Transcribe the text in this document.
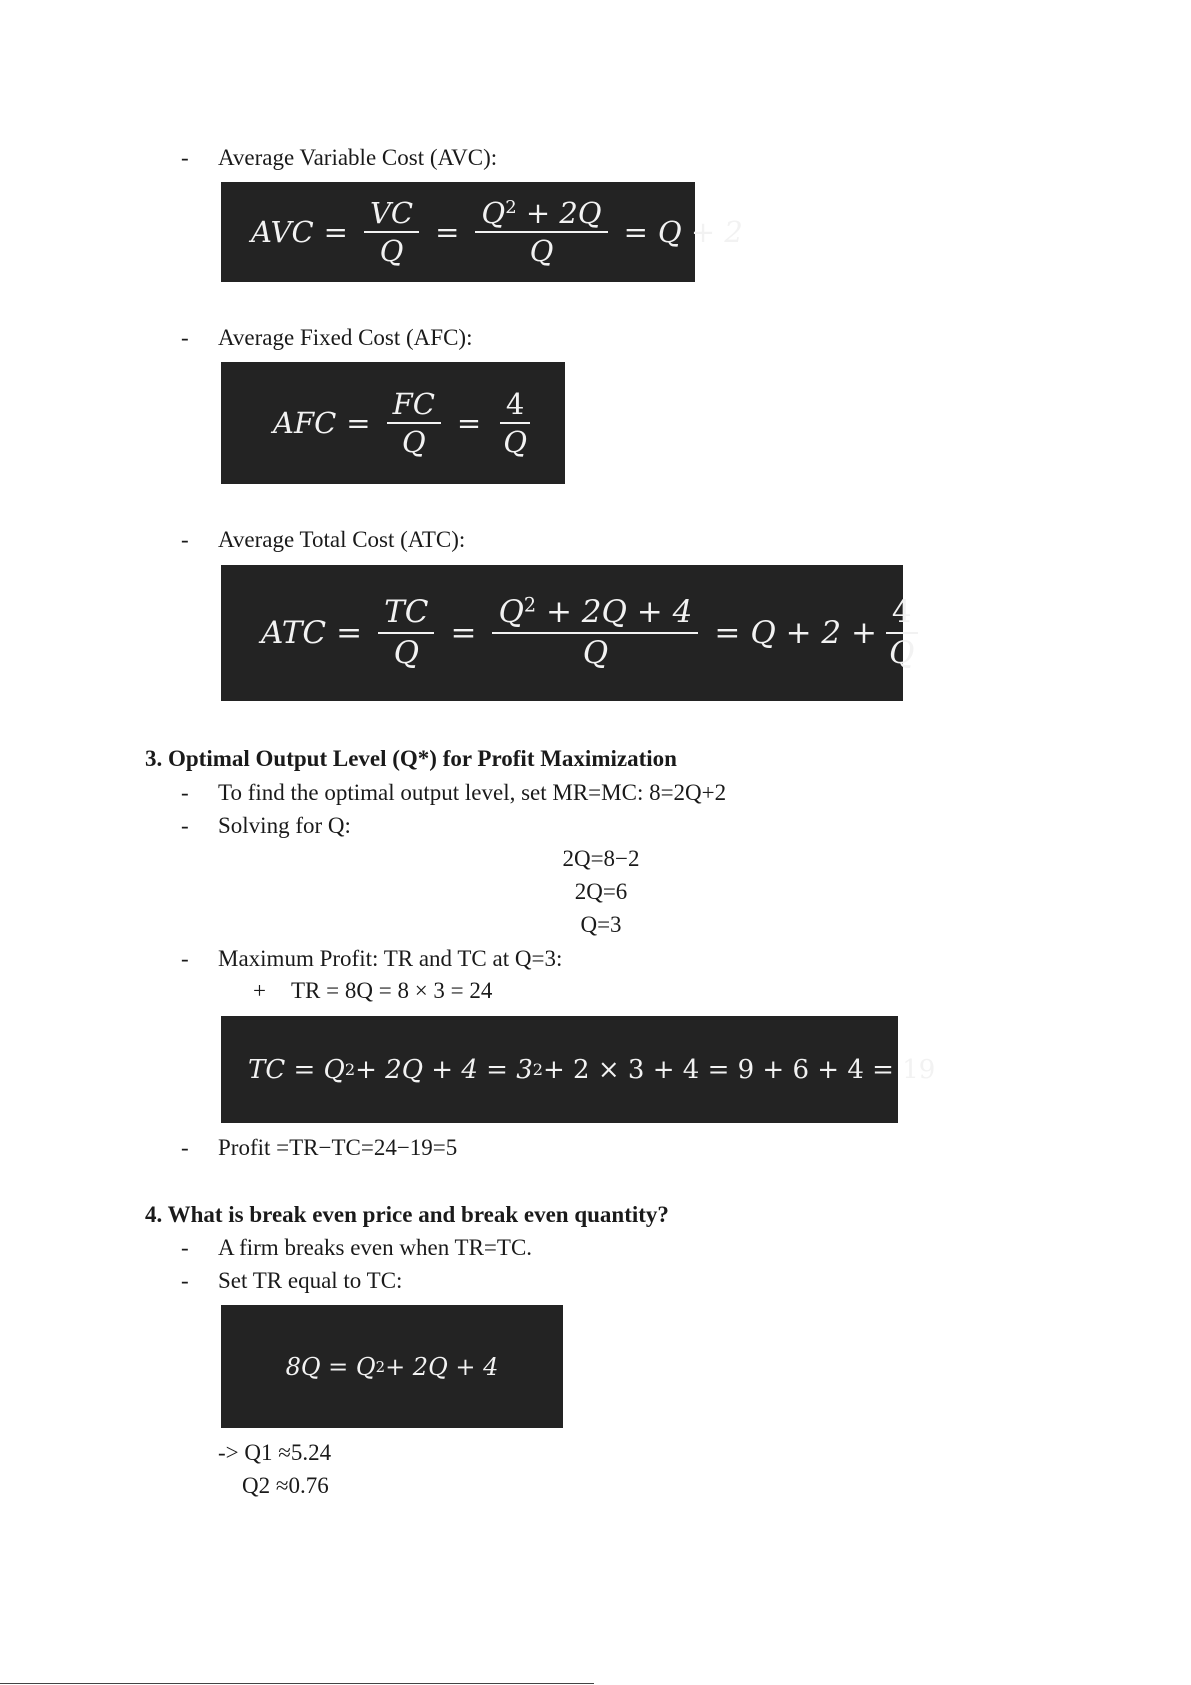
- Average Variable Cost (AVC):
AVC = $\frac{VC}{Q} = \frac{Q^2 + 2Q}{Q} = Q + 2$
- Average Fixed Cost (AFC):
AFC = $\frac{FC}{Q} = \frac{4}{Q}$
- Average Total Cost (ATC):
ATC = $\frac{TC}{Q} = \frac{Q^2 + 2Q + 4}{Q} = Q + 2 + \frac{4}{Q}$
3. Optimal Output Level (Q*) for Profit Maximization
- To find the optimal output level, set MR=MC: 8=2Q+2
- Solving for Q:
2Q=8−2
2Q=6
Q=3
- Maximum Profit: TR and TC at Q=3:
+ TR = 8Q = 8 × 3 = 24
TC = Q 2 + 2Q + 4 = 3 2 + 2 × 3 + 4 = 9 + 6 + 4 = 19
- Profit =TR−TC=24−19=5
4. What is break even price and break even quantity?
- A firm breaks even when TR=TC.
- Set TR equal to TC:
8Q = Q 2 + 2Q + 4
-> Q1 ≈5.24
Q2 ≈0.76
